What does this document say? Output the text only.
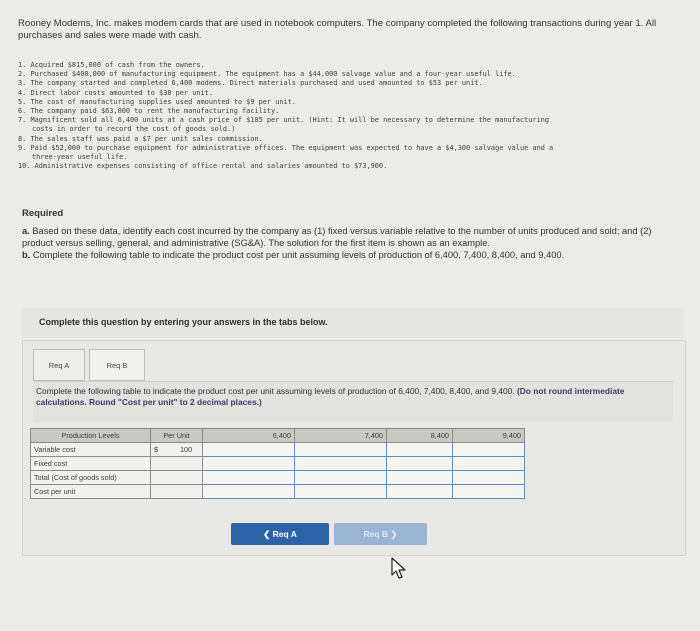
Rooney Modems, Inc. makes modem cards that are used in notebook computers. The company completed the following transactions during year 1. All purchases and sales were made with cash.
1. Acquired $815,000 of cash from the owners.
2. Purchased $400,000 of manufacturing equipment. The equipment has a $44,000 salvage value and a four-year useful life.
3. The company started and completed 6,400 modems. Direct materials purchased and used amounted to $53 per unit.
4. Direct labor costs amounted to $38 per unit.
5. The cost of manufacturing supplies used amounted to $9 per unit.
6. The company paid $63,000 to rent the manufacturing facility.
7. Magnificent sold all 6,400 units at a cash price of $185 per unit. (Hint: It will be necessary to determine the manufacturing
costs in order to record the cost of goods sold.)
8. The sales staff was paid a $7 per unit sales commission.
9. Paid $52,000 to purchase equipment for administrative offices. The equipment was expected to have a $4,300 salvage value and a
three-year useful life.
10. Administrative expenses consisting of office rental and salaries amounted to $73,900.
Required

a. Based on these data, identify each cost incurred by the company as (1) fixed versus variable relative to the number of units produced and sold; and (2) product versus selling, general, and administrative (SG&A). The solution for the first item is shown as an example.

b. Complete the following table to indicate the product cost per unit assuming levels of production of 6,400, 7,400, 8,400, and 9,400.

Complete this question by entering your answers in the tabs below.
Req A	Req B
Complete the following table to indicate the product cost per unit assuming levels of production of 6,400, 7,400, 8,400, and 9,400. (Do not round intermediate calculations. Round "Cost per unit" to 2 decimal places.)
Production Levels	Per Unit	6,400	7,400	8,400	9,400
Variable cost	$ 100				
Fixed cost					
Total (Cost of goods sold)					
Cost per unit					
❮ Req A	Req B ❯
